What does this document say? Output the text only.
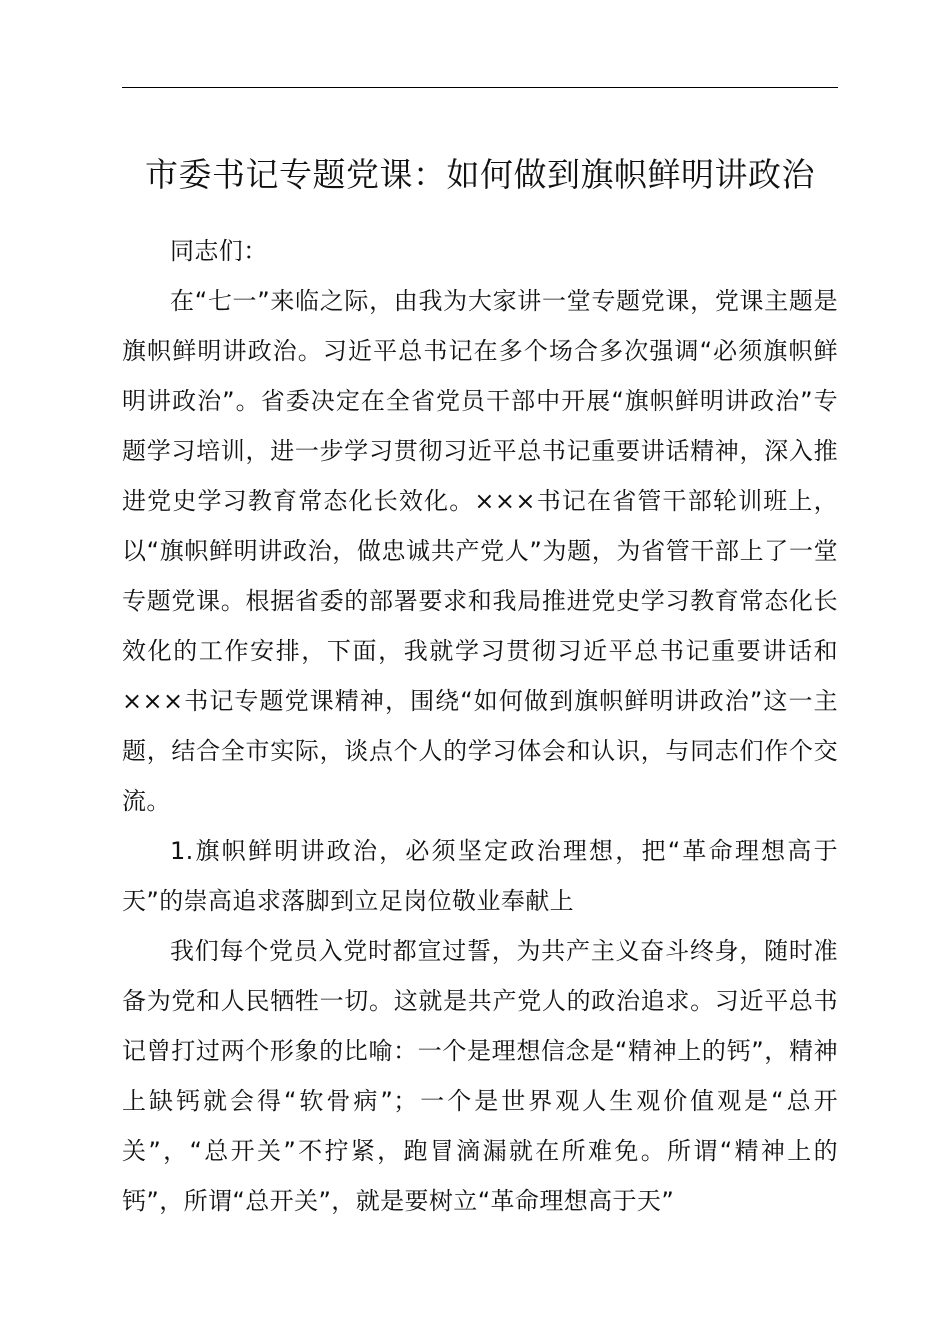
市委书记专题党课：如何做到旗帜鲜明讲政治

同志们：

在“七一”来临之际，由我为大家讲一堂专题党课，党课主题是旗帜鲜明讲政治。习近平总书记在多个场合多次强调“必须旗帜鲜明讲政治”。省委决定在全省党员干部中开展“旗帜鲜明讲政治”专题学习培训，进一步学习贯彻习近平总书记重要讲话精神，深入推进党史学习教育常态化长效化。×××书记在省管干部轮训班上，以“旗帜鲜明讲政治，做忠诚共产党人”为题，为省管干部上了一堂专题党课。根据省委的部署要求和我局推进党史学习教育常态化长效化的工作安排，下面，我就学习贯彻习近平总书记重要讲话和×××书记专题党课精神，围绕“如何做到旗帜鲜明讲政治”这一主题，结合全市实际，谈点个人的学习体会和认识，与同志们作个交流。

1.旗帜鲜明讲政治，必须坚定政治理想，把“革命理想高于天”的崇高追求落脚到立足岗位敬业奉献上

我们每个党员入党时都宣过誓，为共产主义奋斗终身，随时准备为党和人民牺牲一切。这就是共产党人的政治追求。习近平总书记曾打过两个形象的比喻：一个是理想信念是“精神上的钙”，精神上缺钙就会得“软骨病”；一个是世界观人生观价值观是“总开关”，“总开关”不拧紧，跑冒滴漏就在所难免。所谓“精神上的钙”，所谓“总开关”，就是要树立“革命理想高于天”
